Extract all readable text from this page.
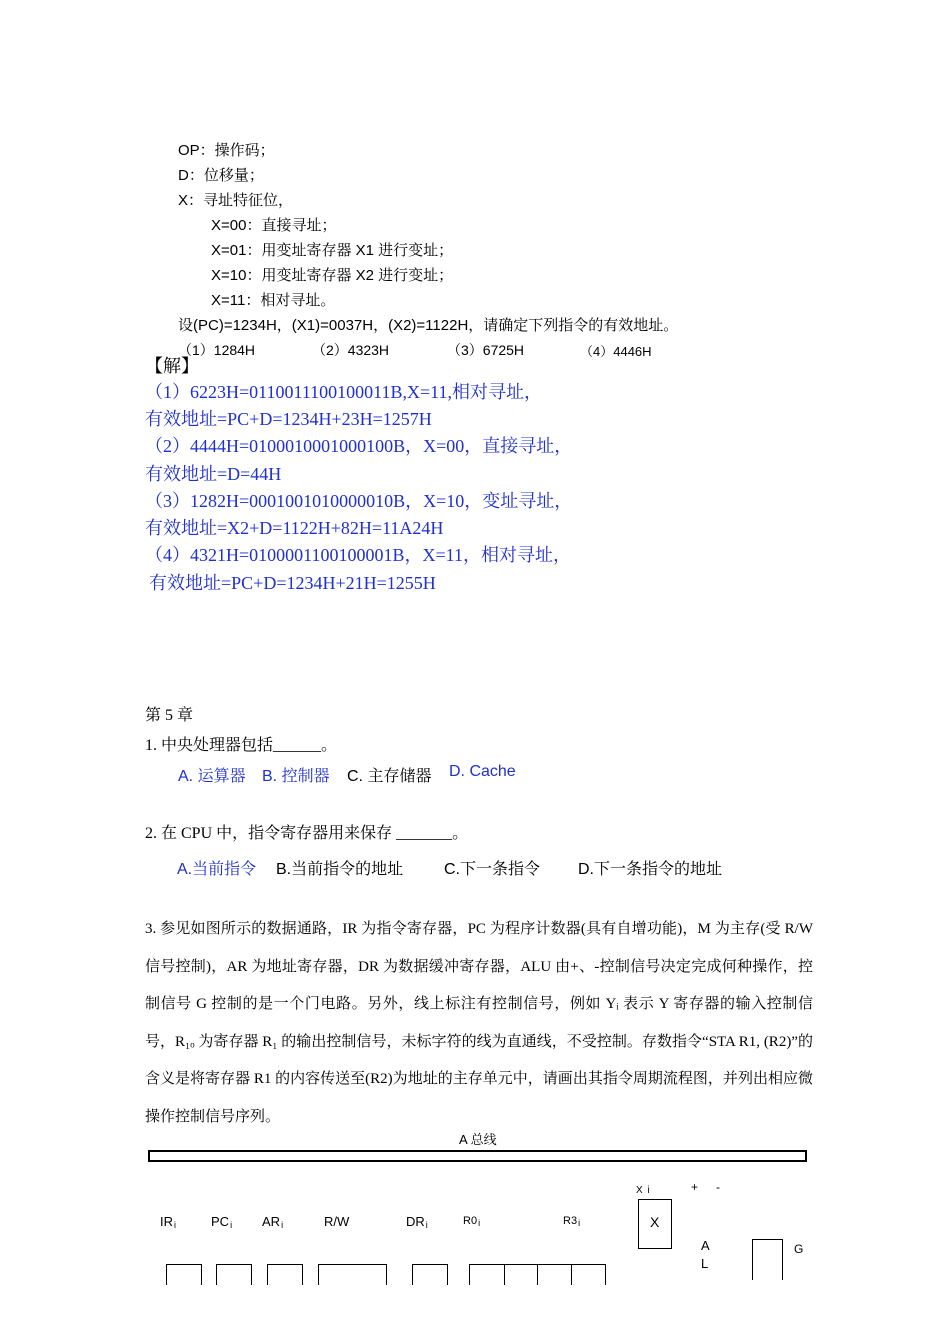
OP：操作码；
D：位移量；
X：寻址特征位，
X=00：直接寻址；
X=01：用变址寄存器 X1 进行变址；
X=10：用变址寄存器 X2 进行变址；
X=11：相对寻址。
设(PC)=1234H，(X1)=0037H，(X2)=1122H，请确定下列指令的有效地址。
（1）1284H	（2）4323H	（3）6725H	（4）4446H
【解】
（1）6223H=0110011100100011B,X=11,相对寻址，
有效地址=PC+D=1234H+23H=1257H
（2）4444H=0100010001000100B，X=00，直接寻址，
有效地址=D=44H
（3）1282H=0001001010000010B，X=10，变址寻址，
有效地址=X2+D=1122H+82H=11A24H
（4）4321H=0100001100100001B，X=11，相对寻址，
有效地址=PC+D=1234H+21H=1255H
第 5 章
1. 中央处理器包括______。
A. 运算器 B. 控制器 C. 主存储器 D. Cache
2. 在 CPU 中，指令寄存器用来保存 _______。
A.当前指令 B.当前指令的地址	C.下一条指令 D.下一条指令的地址
3. 参见如图所示的数据通路，IR 为指令寄存器，PC 为程序计数器(具有自增功能)，M 为主存(受 R/W 信号控制)，AR 为地址寄存器，DR 为数据缓冲寄存器，ALU 由+、-控制信号决定完成何种操作，控制信号 G 控制的是一个门电路。另外，线上标注有控制信号，例如 Yᵢ 表示 Y 寄存器的输入控制信号，R₁ₒ 为寄存器 R₁ 的输出控制信号，未标字符的线为直通线，不受控制。存数指令“STA R1, (R2)”的含义是将寄存器 R1 的内容传送至(R2)为地址的主存单元中，请画出其指令周期流程图，并列出相应微操作控制信号序列。
A 总线
$IR_i$	$PC_i$ $AR_i$	R/W	$DR_i$	$R0_i$	$R3_i$
X i	+ -
X
A
L
G
